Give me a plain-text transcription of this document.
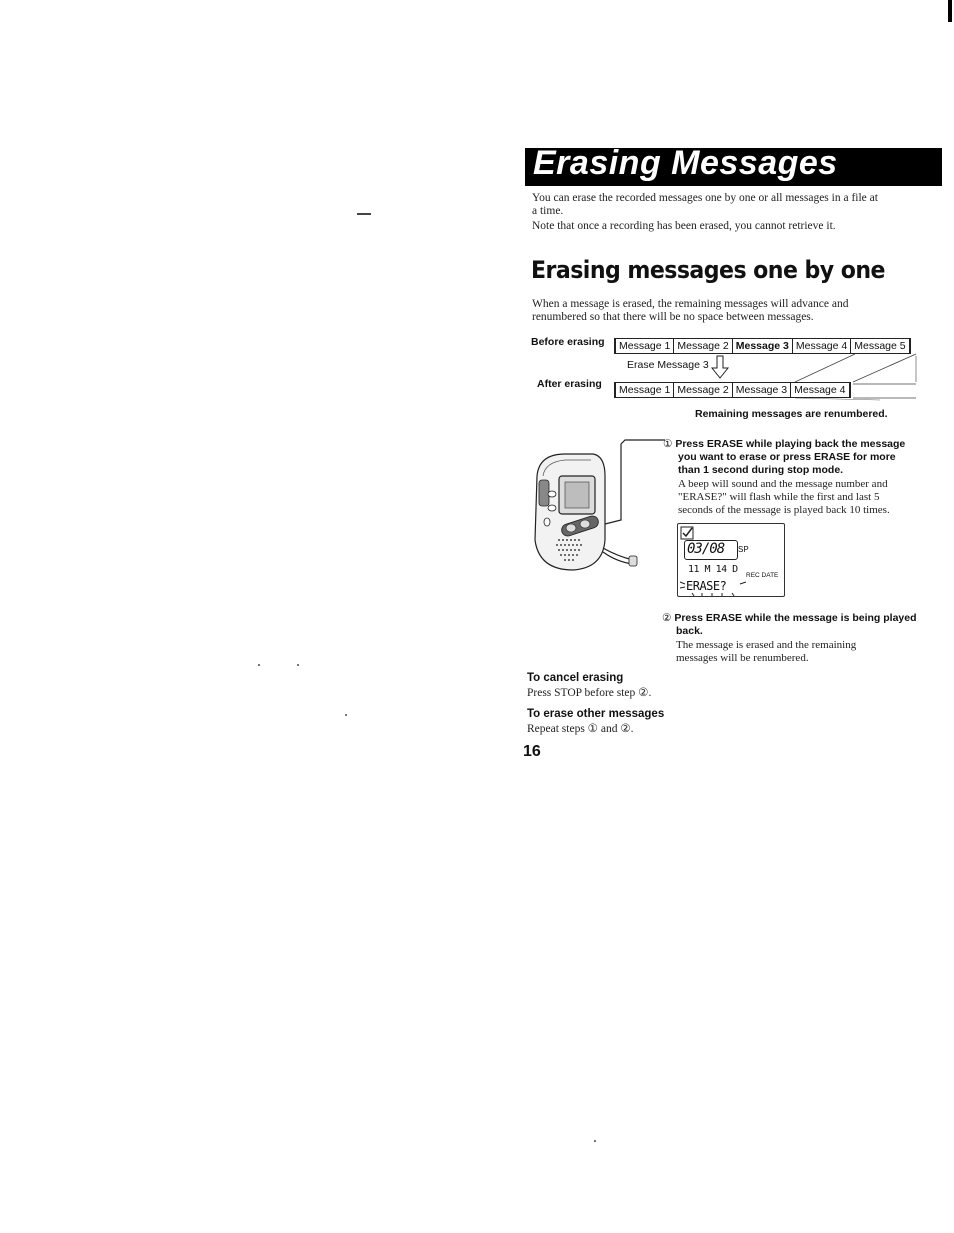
Erasing Messages
You can erase the recorded messages one by one or all messages in a file at
a time.
Note that once a recording has been erased, you cannot retrieve it.
Erasing messages one by one
When a message is erased, the remaining messages will advance and
renumbered so that there will be no space between messages.
Before erasing Message 1 Message 2 Message 3 Message 4 Message 5
Erase Message 3
After erasing Message 1 Message 2 Message 3 Message 4
Remaining messages are renumbered.
① Press ERASE while playing back the message
you want to erase or press ERASE for more
than 1 second during stop mode.
A beep will sound and the message number and
"ERASE?" will flash while the first and last 5
seconds of the message is played back 10 times.
03/08 SP
11 M 14 D
REC DATE
ERASE?
② Press ERASE while the message is being played
back.
The message is erased and the remaining
messages will be renumbered.
To cancel erasing
Press STOP before step ②.
To erase other messages
Repeat steps ① and ②.
16
